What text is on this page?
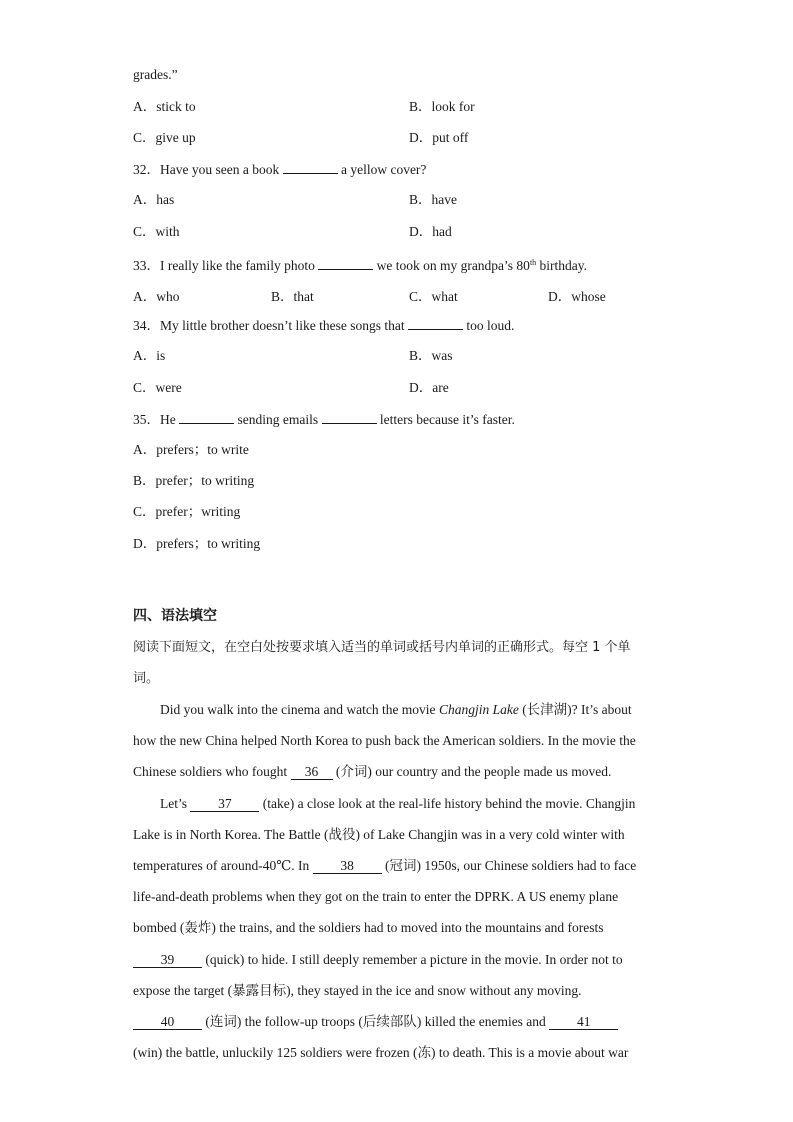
grades.”
A．stick to	B．look for
C．give up	D．put off
32．Have you seen a book	a yellow cover?
A．has	B．have
C．with	D．had
33．I really like the family photo	we took on my grandpa’s 80th birthday.
A．who	B．that	C．what	D．whose
34．My little brother doesn’t like these songs that	too loud.
A．is	B．was
C．were	D．are
35．He	sending emails	letters because it’s faster.
A．prefers；to write
B．prefer；to writing
C．prefer；writing
D．prefers；to writing
四、语法填空
阅读下面短文，在空白处按要求填入适当的单词或括号内单词的正确形式。每空 1 个单
词。
Did you walk into the cinema and watch the movie Changjin Lake (长津湖)? It’s about
how the new China helped North Korea to push back the American soldiers. In the movie the
Chinese soldiers who fought 36 (介词) our country and the people made us moved.
Let’s 37 (take) a close look at the real-life history behind the movie. Changjin
Lake is in North Korea. The Battle (战役) of Lake Changjin was in a very cold winter with
temperatures of around-40℃. In 38 (冠词) 1950s, our Chinese soldiers had to face
life-and-death problems when they got on the train to enter the DPRK. A US enemy plane
bombed (轰炸) the trains, and the soldiers had to moved into the mountains and forests
39 (quick) to hide. I still deeply remember a picture in the movie. In order not to
expose the target (暴露目标), they stayed in the ice and snow without any moving.
40 (连词) the follow-up troops (后续部队) killed the enemies and 41
(win) the battle, unluckily 125 soldiers were frozen (冻) to death. This is a movie about war
